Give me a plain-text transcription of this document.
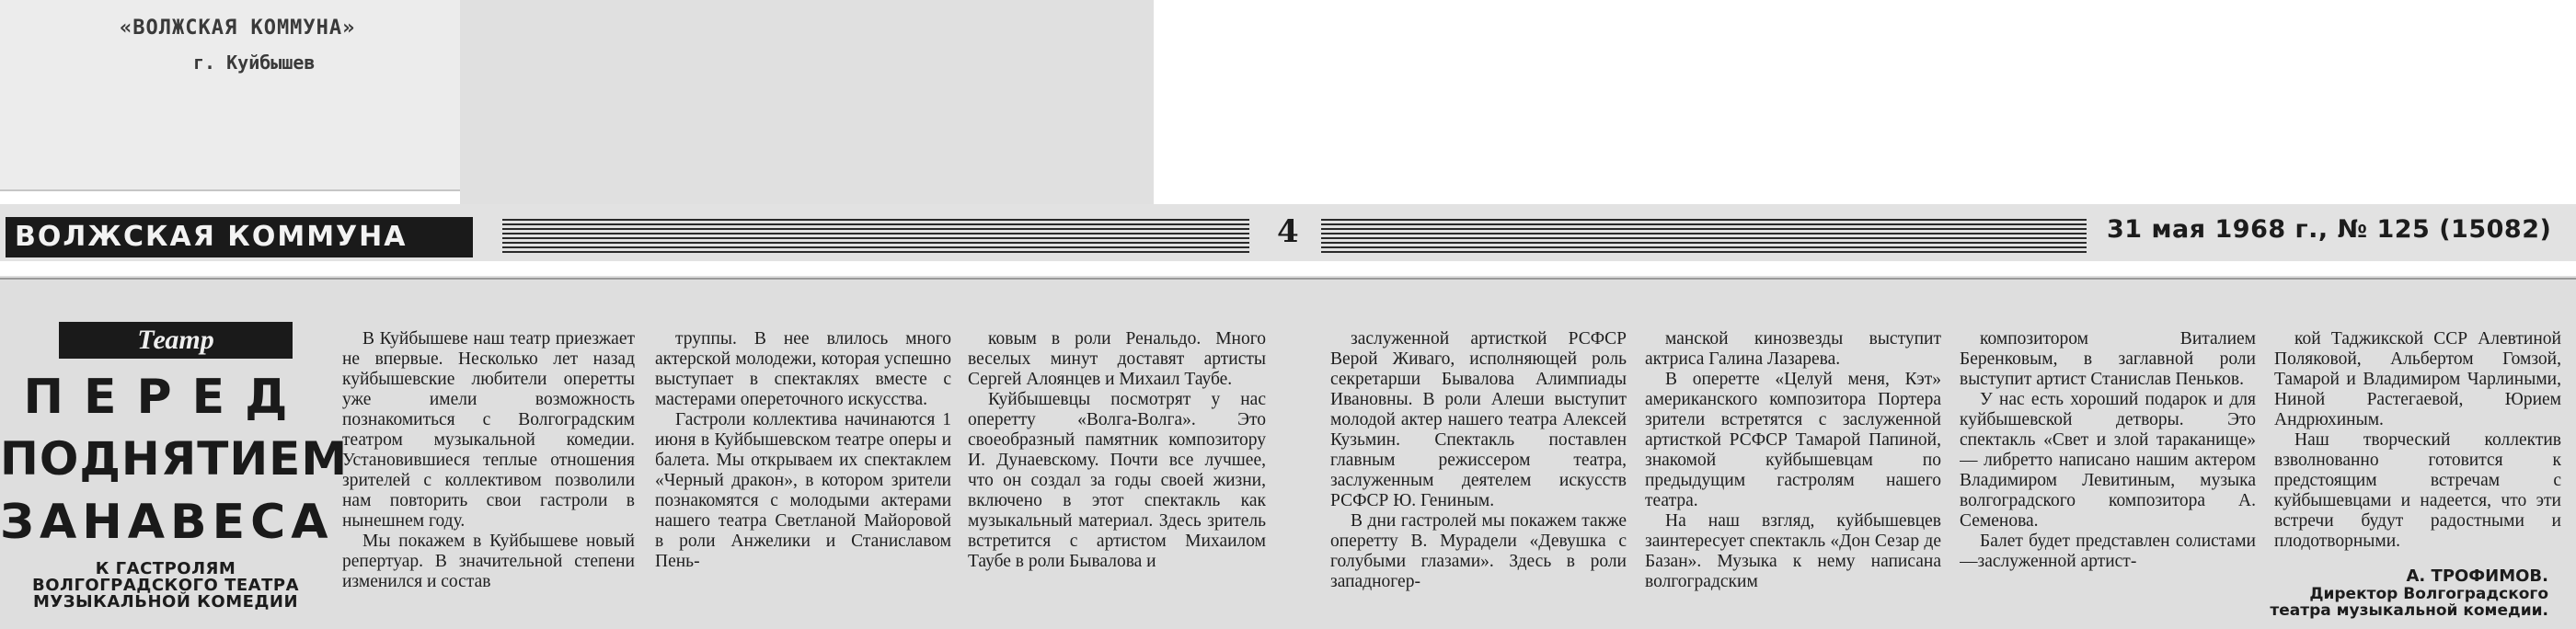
«ВОЛЖСКАЯ КОММУНА»
г. Куйбышев
ВОЛЖСКАЯ КОММУНА	4	31 мая 1968 г., № 125 (15082)
Театр
ПЕРЕД
ПОДНЯТИЕМ
ЗАНАВЕСА
К ГАСТРОЛЯМ
ВОЛГОГРАДСКОГО ТЕАТРА
МУЗЫКАЛЬНОЙ КОМЕДИИ

В Куйбышеве наш театр приезжает не впервые. Несколько лет назад куйбышевские любители оперетты уже имели возможность познакомиться с Волгоградским театром музыкальной комедии. Установившиеся теплые отношения зрителей с коллективом позволили нам повторить свои гастроли в нынешнем году.

Мы покажем в Куйбышеве новый репертуар. В значительной степени изменился и состав

труппы. В нее влилось много актерской молодежи, которая успешно выступает в спектаклях вместе с мастерами опереточного искусства.

Гастроли коллектива начинаются 1 июня в Куйбышевском театре оперы и балета. Мы открываем их спектаклем «Черный дракон», в котором зрители познакомятся с молодыми актерами нашего театра Светланой Майоровой в роли Анжелики и Станиславом Пень-

ковым в роли Ренальдо. Много веселых минут доставят артисты Сергей Алоянцев и Михаил Таубе.

Куйбышевцы посмотрят у нас оперетту «Волга-Волга». Это своеобразный памятник композитору И. Дунаевскому. Почти все лучшее, что он создал за годы своей жизни, включено в этот спектакль как музыкальный материал. Здесь зритель встретится с артистом Михаилом Таубе в роли Бывалова и

заслуженной артисткой РСФСР Верой Живаго, исполняющей роль секретарши Бывалова Алимпиады Ивановны. В роли Алеши выступит молодой актер нашего театра Алексей Кузьмин. Спектакль поставлен главным режиссером театра, заслуженным деятелем искусств РСФСР Ю. Гениным.

В дни гастролей мы покажем также оперетту В. Мурадели «Девушка с голубыми глазами». Здесь в роли западногер-

манской кинозвезды выступит актриса Галина Лазарева.

В оперетте «Целуй меня, Кэт» американского композитора Портера зрители встретятся с заслуженной артисткой РСФСР Тамарой Папиной, знакомой куйбышевцам по предыдущим гастролям нашего театра.

На наш взгляд, куйбышевцев заинтересует спектакль «Дон Сезар де Базан». Музыка к нему написана волгоградским

композитором Виталием Беренковым, в заглавной роли выступит артист Станислав Пеньков.

У нас есть хороший подарок и для куйбышевской детворы. Это спектакль «Свет и злой тараканище» — либретто написано нашим актером Владимиром Левитиным, музыка волгоградского композитора А. Семенова.

Балет будет представлен солистами—заслуженной артист-

кой Таджикской ССР Алевтиной Поляковой, Альбертом Гомзой, Тамарой и Владимиром Чарлиными, Ниной Растегаевой, Юрием Андрюхиным.

Наш творческий коллектив взволнованно готовится к предстоящим встречам с куйбышевцами и надеется, что эти встречи будут радостными и плодотворными.

А. ТРОФИМОВ.
Директор Волгоградского
театра музыкальной комедии.
